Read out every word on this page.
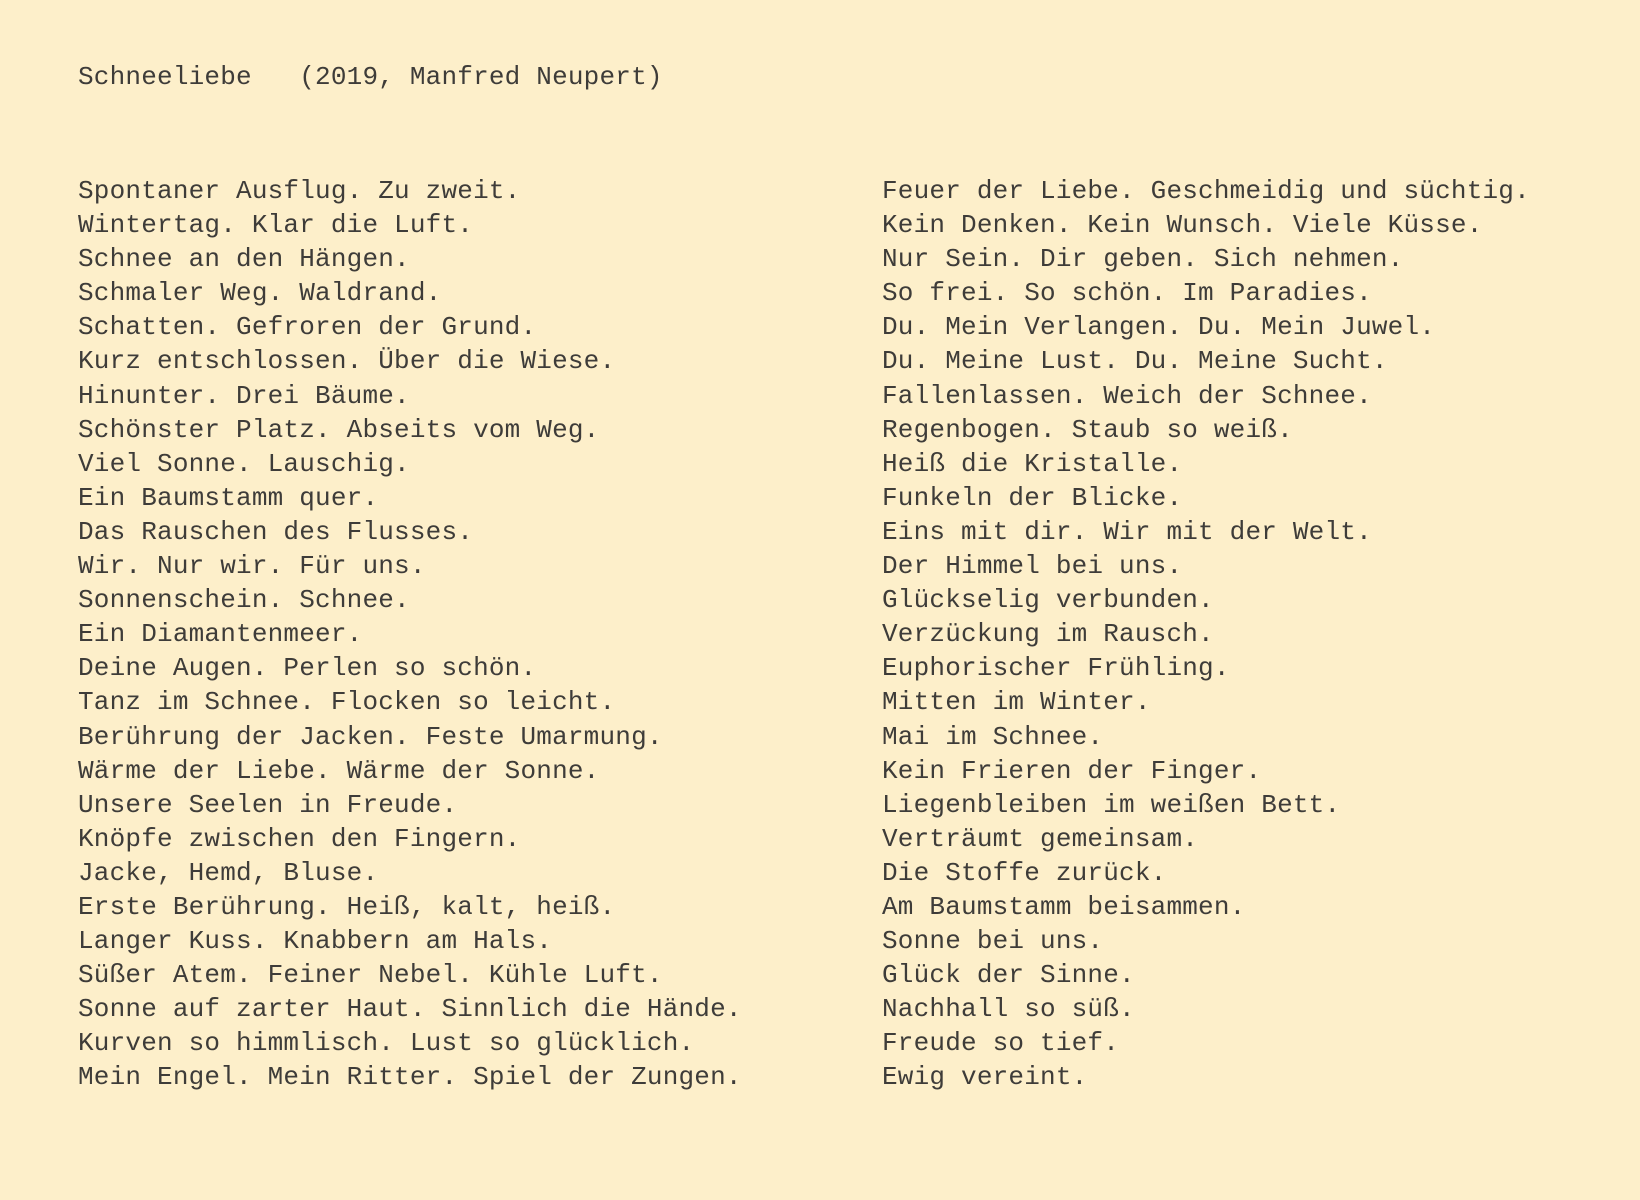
Schneeliebe   (2019, Manfred Neupert)
Spontaner Ausflug. Zu zweit.
Wintertag. Klar die Luft.
Schnee an den Hängen.
Schmaler Weg. Waldrand.
Schatten. Gefroren der Grund.
Kurz entschlossen. Über die Wiese.
Hinunter. Drei Bäume.
Schönster Platz. Abseits vom Weg.
Viel Sonne. Lauschig.
Ein Baumstamm quer.
Das Rauschen des Flusses.
Wir. Nur wir. Für uns.
Sonnenschein. Schnee.
Ein Diamantenmeer.
Deine Augen. Perlen so schön.
Tanz im Schnee. Flocken so leicht.
Berührung der Jacken. Feste Umarmung.
Wärme der Liebe. Wärme der Sonne.
Unsere Seelen in Freude.
Knöpfe zwischen den Fingern.
Jacke, Hemd, Bluse.
Erste Berührung. Heiß, kalt, heiß.
Langer Kuss. Knabbern am Hals.
Süßer Atem. Feiner Nebel. Kühle Luft.
Sonne auf zarter Haut. Sinnlich die Hände.
Kurven so himmlisch. Lust so glücklich.
Mein Engel. Mein Ritter. Spiel der Zungen.
Feuer der Liebe. Geschmeidig und süchtig.
Kein Denken. Kein Wunsch. Viele Küsse.
Nur Sein. Dir geben. Sich nehmen.
So frei. So schön. Im Paradies.
Du. Mein Verlangen. Du. Mein Juwel.
Du. Meine Lust. Du. Meine Sucht.
Fallenlassen. Weich der Schnee.
Regenbogen. Staub so weiß.
Heiß die Kristalle.
Funkeln der Blicke.
Eins mit dir. Wir mit der Welt.
Der Himmel bei uns.
Glückselig verbunden.
Verzückung im Rausch.
Euphorischer Frühling.
Mitten im Winter.
Mai im Schnee.
Kein Frieren der Finger.
Liegenbleiben im weißen Bett.
Verträumt gemeinsam.
Die Stoffe zurück.
Am Baumstamm beisammen.
Sonne bei uns.
Glück der Sinne.
Nachhall so süß.
Freude so tief.
Ewig vereint.
